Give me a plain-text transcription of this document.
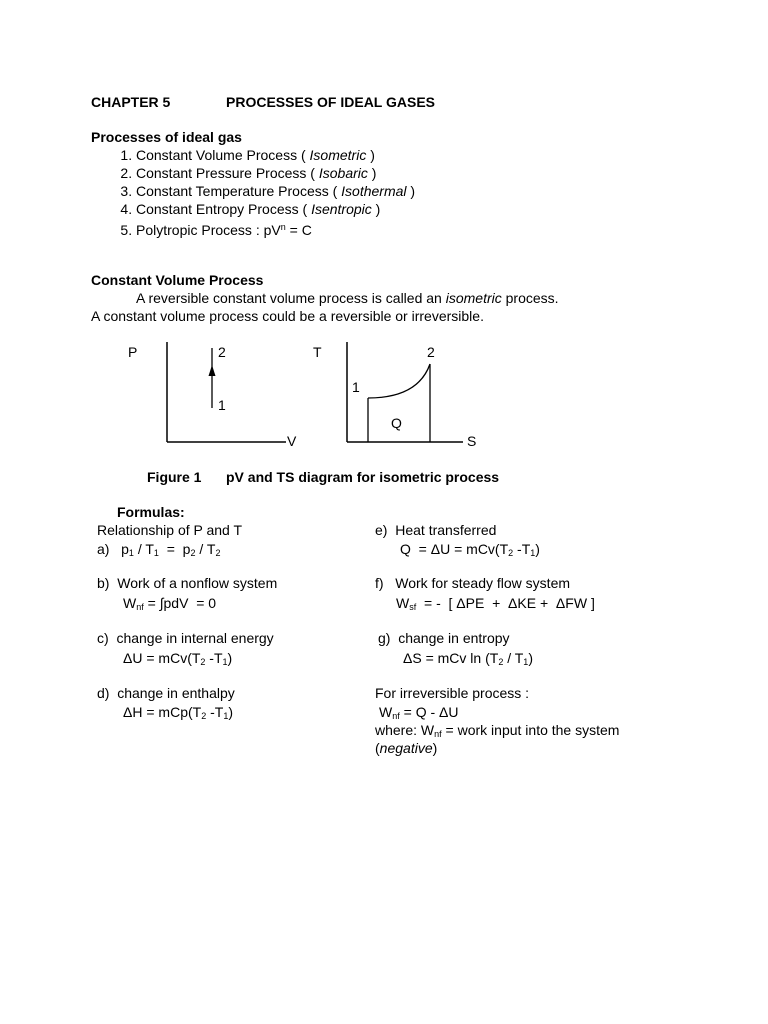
CHAPTER 5	PROCESSES OF IDEAL GASES
Processes of ideal gas
1. Constant Volume Process ( Isometric )
2. Constant Pressure Process ( Isobaric )
3. Constant Temperature Process ( Isothermal )
4. Constant Entropy Process ( Isentropic )
5. Polytropic Process : $pV^n = C$
Constant Volume Process
A reversible constant volume process is called an isometric process.
A constant volume process could be a reversible or irreversible.
P
V
2
1
T
S
1
2
Q
Figure 1 pV and TS diagram for isometric process
Formulas:
Relationship of P and T
a)   $p_1 / T_1 = p_2 / T_2$
b) Work of a nonflow system
$W_{nf} = \int pdV = 0$
c) change in internal energy
$\Delta U = mCv(T_2$ $-T_1$)
d) change in enthalpy
$\Delta H = mCp(T_2$ $-T_1$)
e) Heat transferred
$Q = \Delta U = mCv(T_2$ $-T_1$)
f) Work for steady flow system
$W_{sf}$  = -  [ ΔPE  +  ΔKE +  ΔFW ]
g) change in entropy
ΔS = mCv $\ln (T_2 / T_1)$
For irreversible process :
$W_{nf} = Q - \Delta U$
where: $W_{nf}$ = work input into the system
(negative)
